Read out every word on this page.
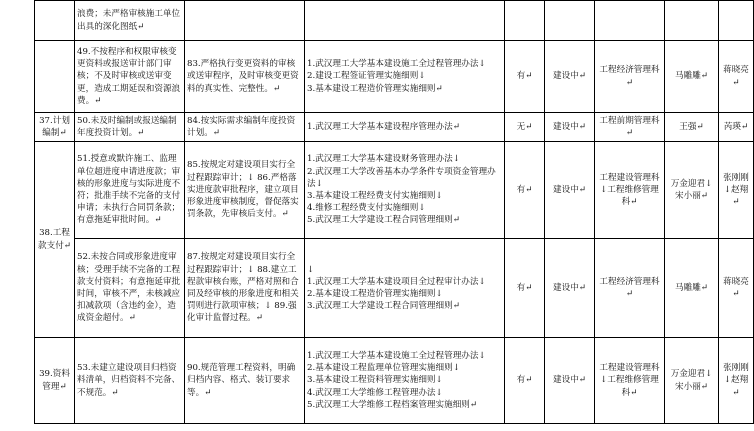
	浪费；未严格审核施工单位出具的深化图纸↵							
	49.不按程序和权限审核变更资料或报送审计部门审核；不及时审核或送审变更，造成工期延误和资源浪费。↵	83.严格执行变更资料的审核或送审程序，及时审核变更资料的真实性、完整性。↵	1.武汉理工大学基本建设施工全过程管理办法↓
2.建设工程签证管理实施细则↓
3.基本建设工程造价管理实施细则↵	有↵	建设中↵	工程经济管理科↵	马雕雕↵	蒋晓亮↵
37.计划编制↵	50.未及时编制或报送编制年度投资计划。↵	84.按实际需求编制年度投资计划。↵	1.武汉理工大学基本建设程序管理办法↵	无↵	建设中↵	工程前期管理科↵	王强↵	芮瑛↵
38.工程款支付↵	51.授意或默许施工、监理单位超进度申请进度款；审核的形象进度与实际进度不符；批准手续不完备的支付申请；未执行合同罚条款；有意拖延审批时间。↵	85.按规定对建设项目实行全过程跟踪审计；↓ 86.严格落实进度款审批程序，建立项目形象进度审核制度，督促落实罚条款，先审核后支付。↵	1.武汉理工大学基本建设财务管理办法↓
2.武汉理工大学改善基本办学条件专项资金管理办法↓
3.基本建设工程经费支付实施细则↓
4.维修工程经费支付实施细则↓
5.武汉理工大学建设工程合同管理细则↵	有↵	建设中↵	工程建设管理科↓工程维修管理科↵	万金迎君↓宋小丽↵	张刚刚↓赵翔↵
	52.未按合同或形象进度审核；受理手续不完备的工程款支付资料；有意拖延审批时间，审核不严，未核减应扣减款项（含违约金），造成资金超付。↵	87.按规定对建设项目实行全过程跟踪审计；↓ 88.建立工程款审核台账，严格对照和合同及经审核的形象进度和相关罚则进行款项审核；↓ 89.强化审计监督过程。↵	↓
1.武汉理工大学基本建设项目全过程审计办法↓
2.基本建设工程造价管理实施细则↓
3.武汉理工大学建设工程合同管理细则↵	有↵	建设中↵	工程经济管理科↵	马雕雕↵	蒋晓亮↵
39.资料管理↵	53.未建立建设项目归档资料清单，归档资料不完备、不规范。↵	90.规范管理工程资料，明确归档内容、格式、装订要求等。↵	1.武汉理工大学基本建设施工全过程管理办法↓
2.基本建设工程监理单位管理实施细则↓
3.基本建设工程资料管理实施细则↓
4.武汉理工大学维修工程管理办法↓
5.武汉理工大学维修工程档案管理实施细则↵	有↵	建设中↵	工程建设管理科↓工程维修管理科↵	万金迎君↓宋小丽↵	张刚刚↓赵翔↵
